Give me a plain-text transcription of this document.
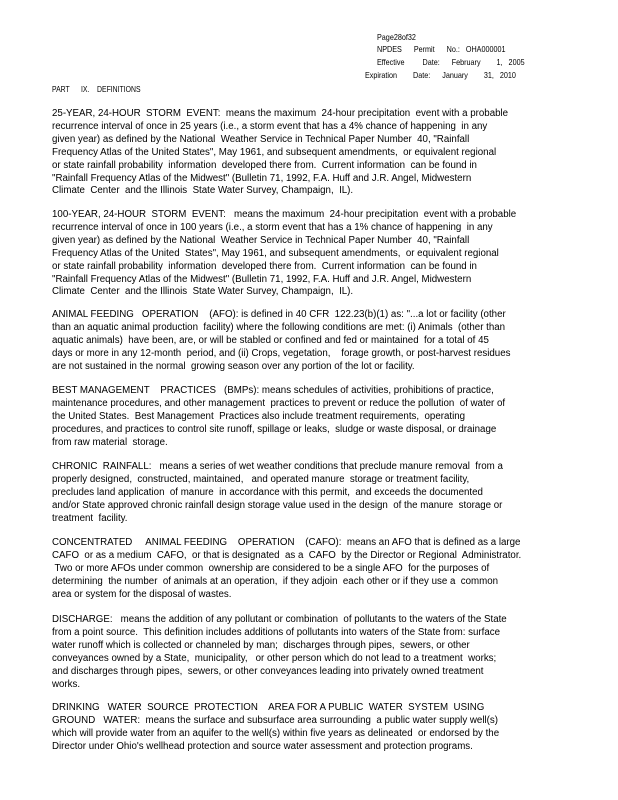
Page28of32
NPDES      Permit      No.:   OHA000001
Effective         Date:      February        1,   2005
Expiration        Date:      January        31,   2010
PART      IX.    DEFINITIONS
25-YEAR, 24-HOUR  STORM  EVENT:  means the maximum  24-hour precipitation  event with a probable
recurrence interval of once in 25 years (i.e., a storm event that has a 4% chance of happening  in any
given year) as defined by the National  Weather Service in Technical Paper Number  40, "Rainfall
Frequency Atlas of the United States", May 1961, and subsequent amendments,  or equivalent regional
or state rainfall probability  information  developed there from.  Current information  can be found in
"Rainfall Frequency Atlas of the Midwest" (Bulletin 71, 1992, F.A. Huff and J.R. Angel, Midwestern
Climate  Center  and the Illinois  State Water Survey, Champaign,  IL).
100-YEAR, 24-HOUR  STORM  EVENT:   means the maximum  24-hour precipitation  event with a probable
recurrence interval of once in 100 years (i.e., a storm event that has a 1% chance of happening  in any
given year) as defined by the National  Weather Service in Technical Paper Number  40, "Rainfall
Frequency Atlas of the United  States", May 1961, and subsequent amendments,  or equivalent regional
or state rainfall probability  information  developed there from.  Current information  can be found in
"Rainfall Frequency Atlas of the Midwest" (Bulletin 71, 1992, F.A. Huff and J.R. Angel, Midwestern
Climate  Center  and the Illinois  State Water Survey, Champaign,  IL).
ANIMAL FEEDING   OPERATION    (AFO): is defined in 40 CFR  122.23(b)(1) as: "...a lot or facility (other
than an aquatic animal production  facility) where the following conditions are met: (i) Animals  (other than
aquatic animals)  have been, are, or will be stabled or confined and fed or maintained  for a total of 45
days or more in any 12-month  period, and (ii) Crops, vegetation,    forage growth, or post-harvest residues
are not sustained in the normal  growing season over any portion of the lot or facility.
BEST MANAGEMENT    PRACTICES   (BMPs): means schedules of activities, prohibitions of practice,
maintenance procedures, and other management  practices to prevent or reduce the pollution  of water of
the United States.  Best Management  Practices also include treatment requirements,  operating
procedures, and practices to control site runoff, spillage or leaks,  sludge or waste disposal, or drainage
from raw material  storage.
CHRONIC  RAINFALL:   means a series of wet weather conditions that preclude manure removal  from a
properly designed,  constructed, maintained,   and operated manure  storage or treatment facility,
precludes land application  of manure  in accordance with this permit,  and exceeds the documented
and/or State approved chronic rainfall design storage value used in the design  of the manure  storage or
treatment  facility.
CONCENTRATED     ANIMAL FEEDING    OPERATION    (CAFO):  means an AFO that is defined as a large
CAFO  or as a medium  CAFO,  or that is designated  as a  CAFO  by the Director or Regional  Administrator.
Two or more AFOs under common  ownership are considered to be a single AFO  for the purposes of
determining  the number  of animals at an operation,  if they adjoin  each other or if they use a  common
area or system for the disposal of wastes.
DISCHARGE:   means the addition of any pollutant or combination  of pollutants to the waters of the State
from a point source.  This definition includes additions of pollutants into waters of the State from: surface
water runoff which is collected or channeled by man;  discharges through pipes,  sewers, or other
conveyances owned by a State,  municipality,   or other person which do not lead to a treatment  works;
and discharges through pipes,  sewers, or other conveyances leading into privately owned treatment
works.
DRINKING   WATER  SOURCE  PROTECTION    AREA FOR A PUBLIC  WATER  SYSTEM  USING
GROUND   WATER:  means the surface and subsurface area surrounding  a public water supply well(s)
which will provide water from an aquifer to the well(s) within five years as delineated  or endorsed by the
Director under Ohio's wellhead protection and source water assessment and protection programs.
